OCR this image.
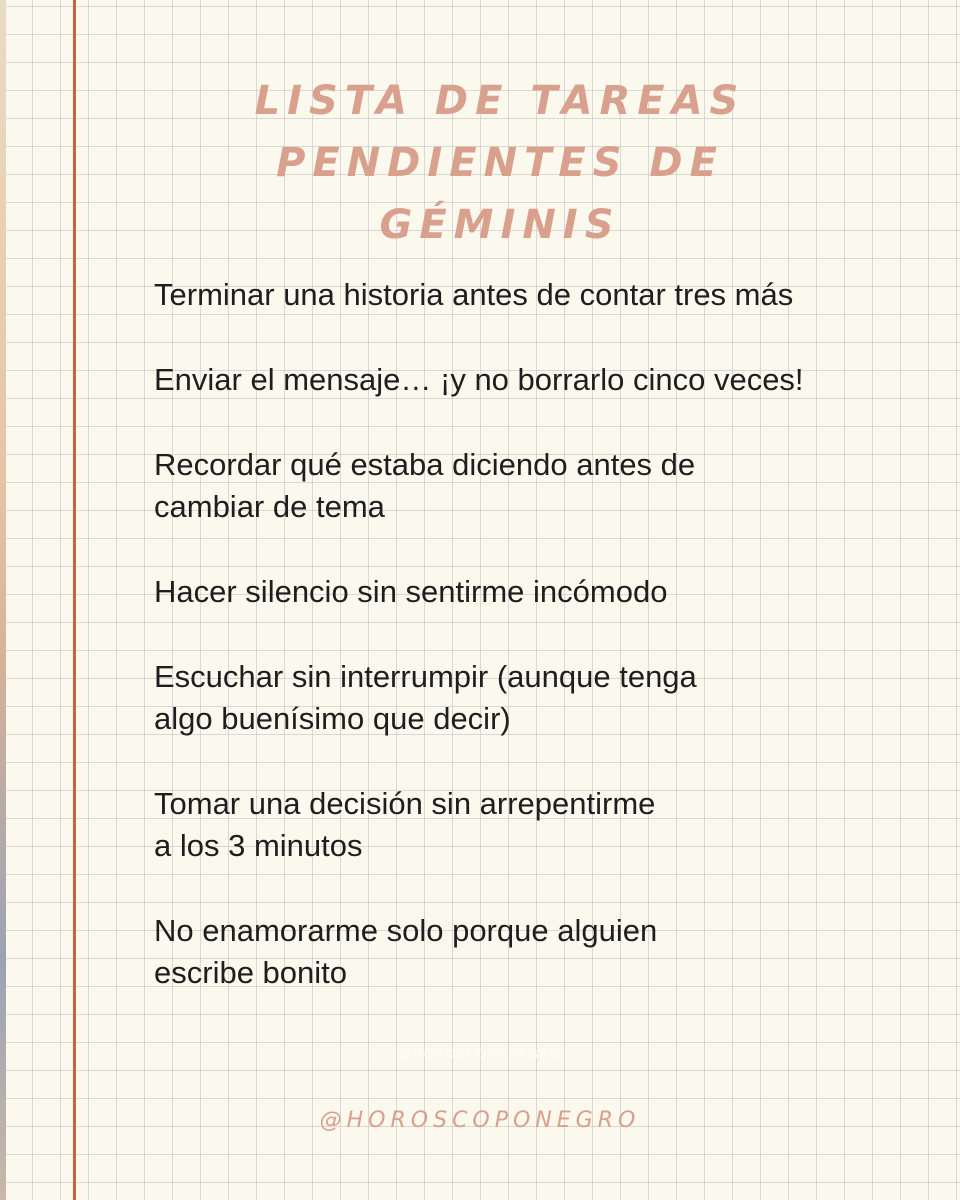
LISTA DE TAREAS
PENDIENTES DE GÉMINIS
Terminar una historia antes de contar tres más
Enviar el mensaje… ¡y no borrarlo cinco veces!
Recordar qué estaba diciendo antes de
cambiar de tema
Hacer silencio sin sentirme incómodo
Escuchar sin interrumpir (aunque tenga
algo buenísimo que decir)
Tomar una decisión sin arrepentirme
a los 3 minutos
No enamorarme solo porque alguien
escribe bonito
@HOROSCOPONEGRO
@HOROSCOPONEGRO
